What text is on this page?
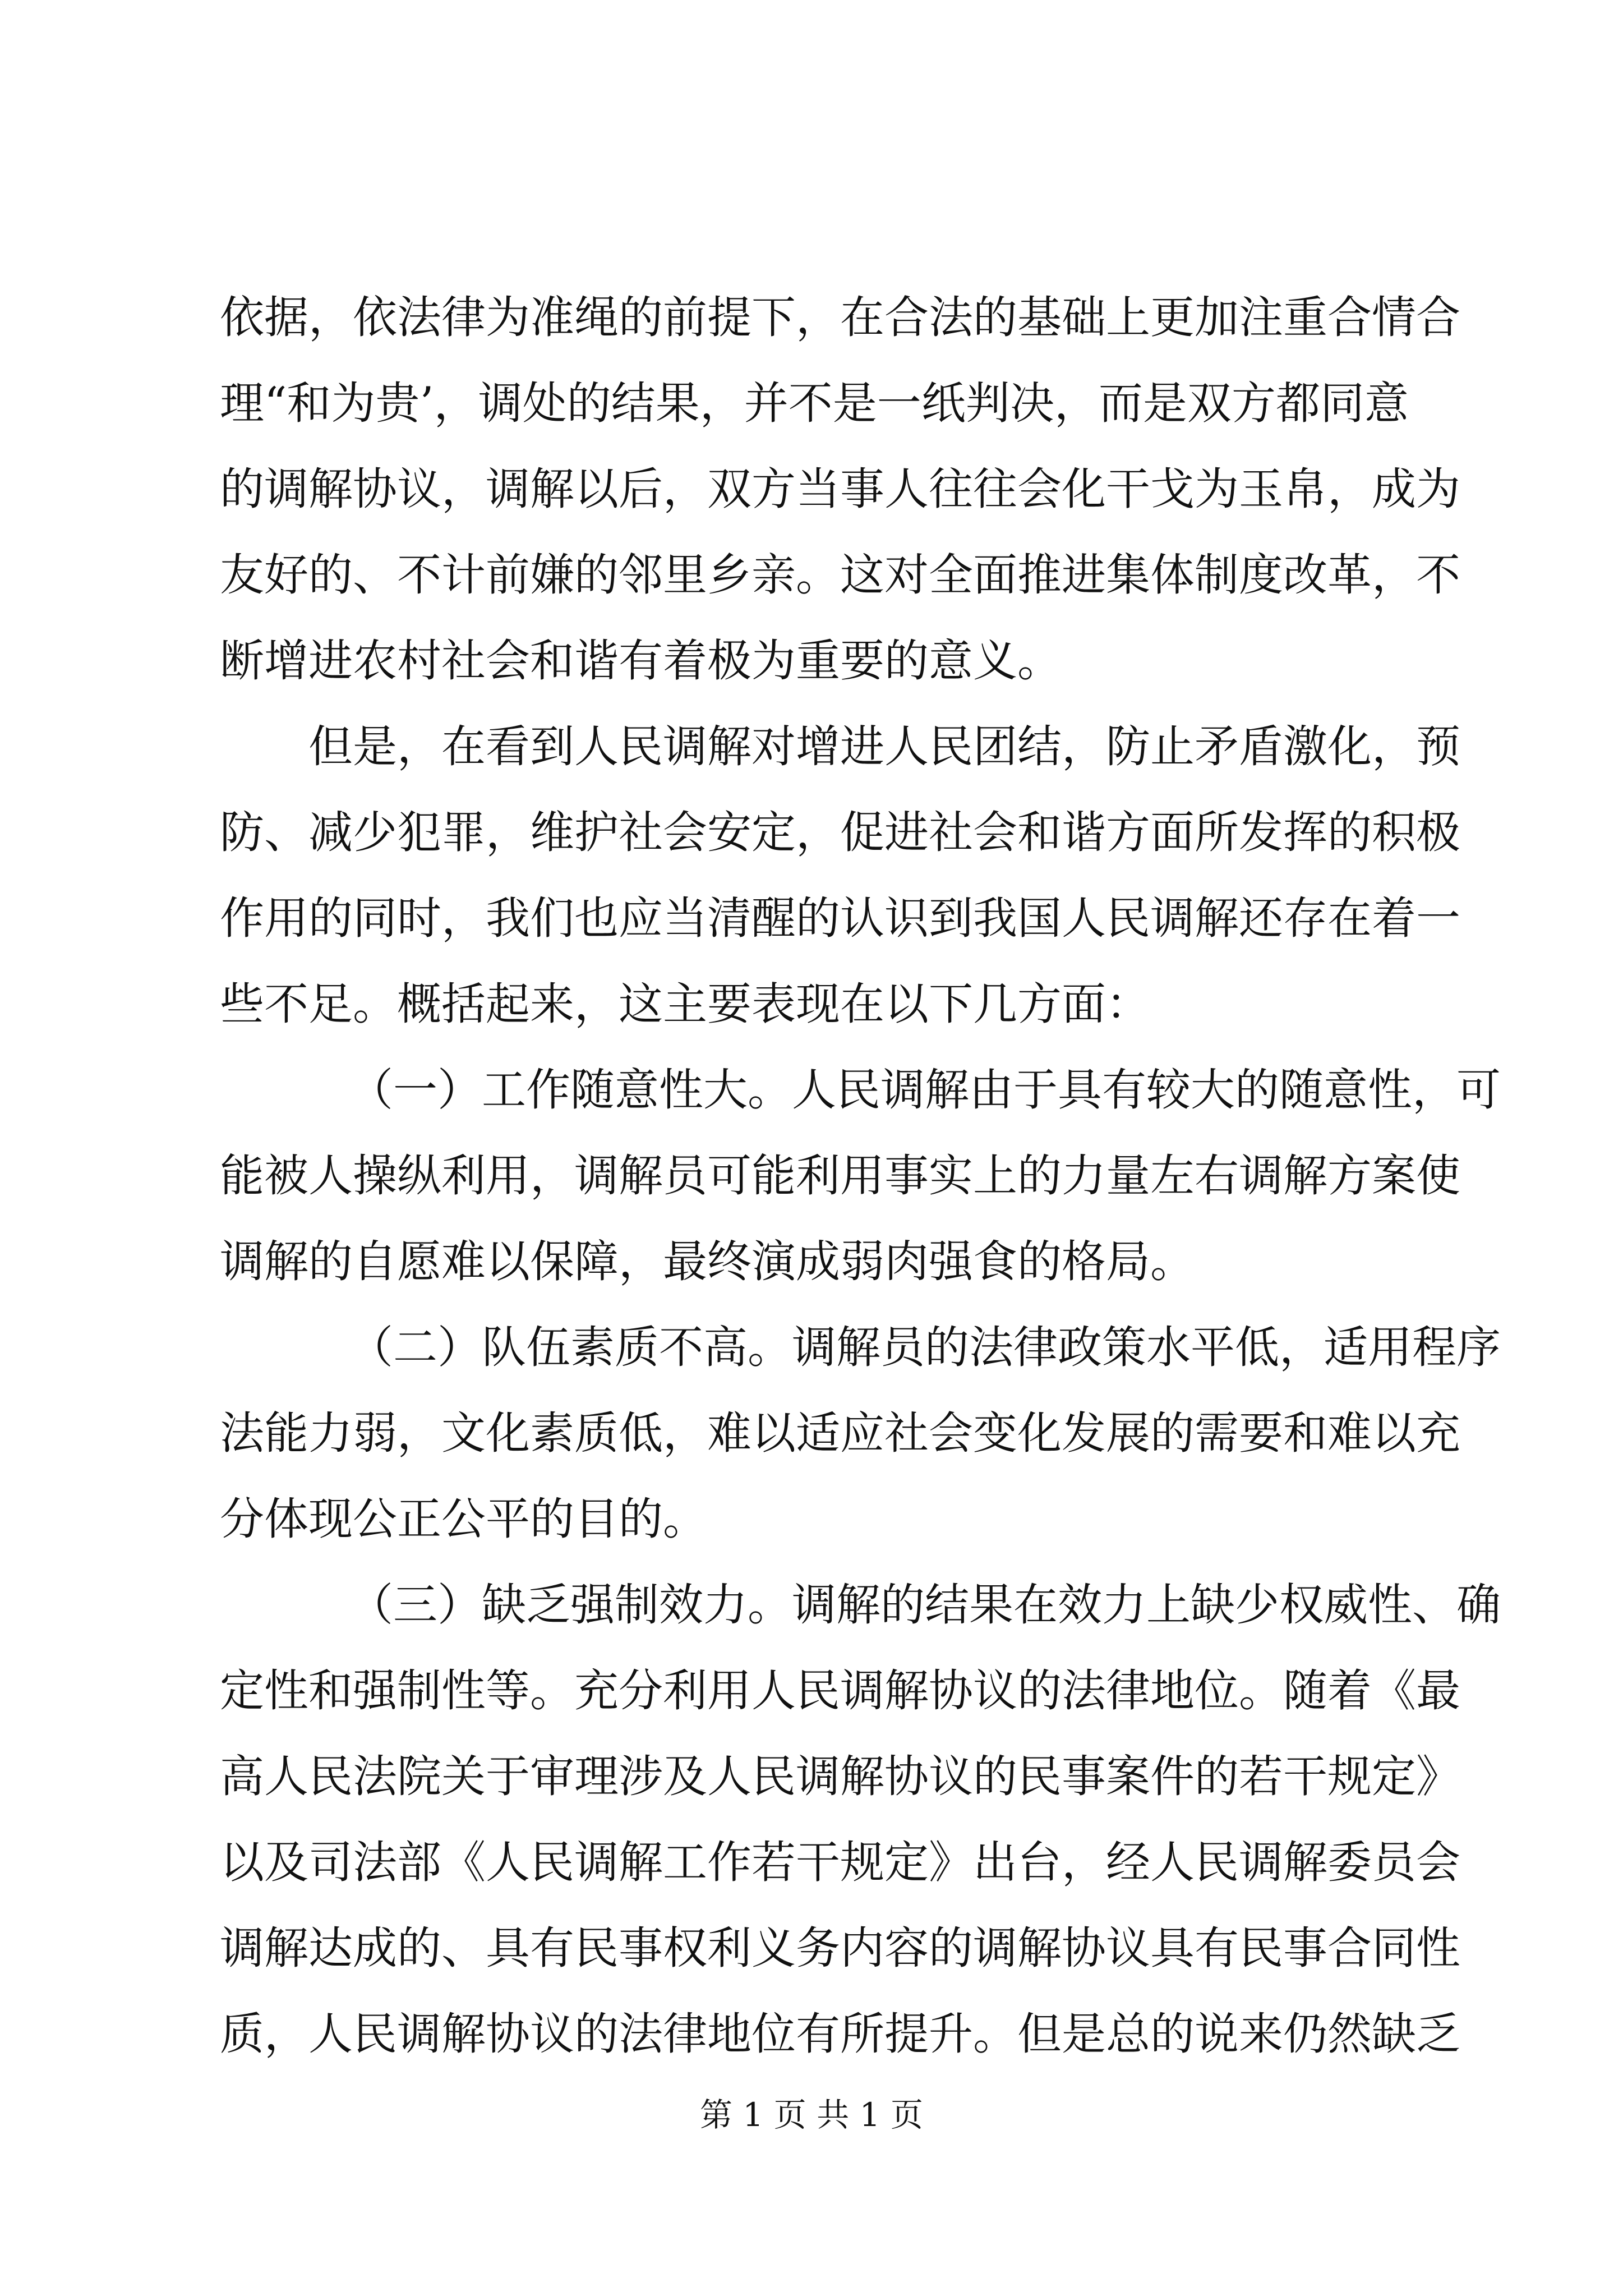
依据，依法律为准绳的前提下，在合法的基础上更加注重合情合
理“和为贵’，调处的结果，并不是一纸判决，而是双方都同意
的调解协议，调解以后，双方当事人往往会化干戈为玉帛，成为
友好的、不计前嫌的邻里乡亲。这对全面推进集体制度改革，不
断增进农村社会和谐有着极为重要的意义。
但是，在看到人民调解对增进人民团结，防止矛盾激化，预
防、减少犯罪，维护社会安定，促进社会和谐方面所发挥的积极
作用的同时，我们也应当清醒的认识到我国人民调解还存在着一
些不足。概括起来，这主要表现在以下几方面：
（一）工作随意性大。人民调解由于具有较大的随意性，可
能被人操纵利用，调解员可能利用事实上的力量左右调解方案使
调解的自愿难以保障，最终演成弱肉强食的格局。
（二）队伍素质不高。调解员的法律政策水平低，适用程序
法能力弱，文化素质低，难以适应社会变化发展的需要和难以充
分体现公正公平的目的。
（三）缺乏强制效力。调解的结果在效力上缺少权威性、确
定性和强制性等。充分利用人民调解协议的法律地位。随着《最
高人民法院关于审理涉及人民调解协议的民事案件的若干规定》
以及司法部《人民调解工作若干规定》出台，经人民调解委员会
调解达成的、具有民事权利义务内容的调解协议具有民事合同性
质，人民调解协议的法律地位有所提升。但是总的说来仍然缺乏
第 1 页 共 1 页
